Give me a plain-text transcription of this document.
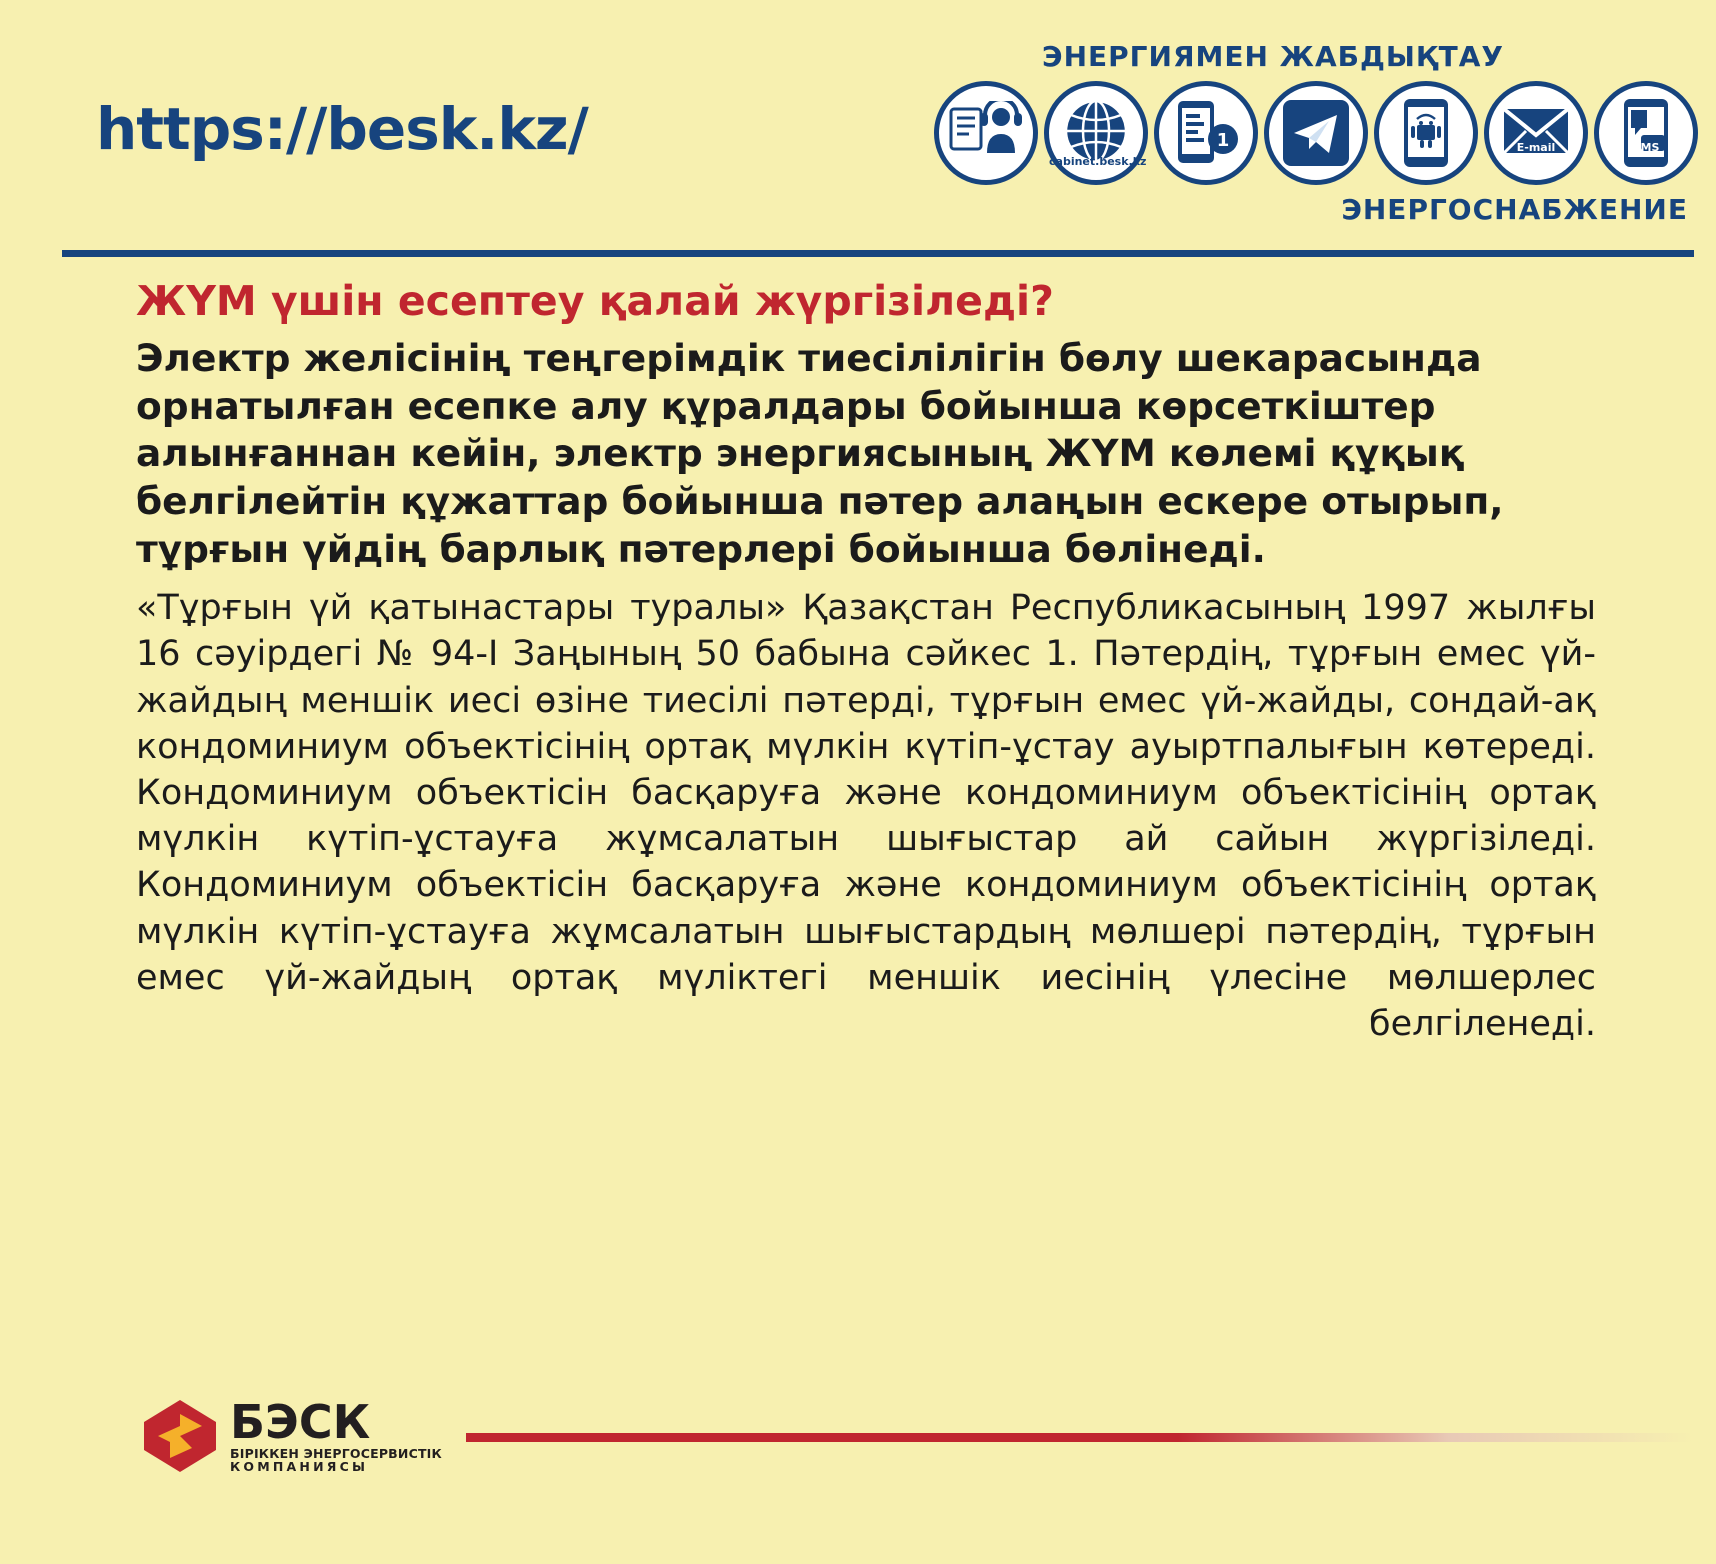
https://besk.kz/
ЭНЕРГИЯМЕН ЖАБДЫҚТАУ
cabinet.besk.kz
1	E-mail	SMS
ЭНЕРГОСНАБЖЕНИЕ
ЖҮМ үшін есептеу қалай жүргізіледі?

Электр желісінің теңгерімдік тиесілілігін бөлу шекарасында орнатылған есепке алу құралдары бойынша көрсеткіштер алынғаннан кейін, электр энергиясының ЖҮМ көлемі құқық белгілейтін құжаттар бойынша пәтер алаңын ескере отырып, тұрғын үйдің барлық пәтерлері бойынша бөлінеді.

«Тұрғын үй қатынастары туралы» Қазақстан Республикасының 1997 жылғы 16 сәуірдегі № 94-I Заңының 50 бабына сәйкес 1. Пәтердің, тұрғын емес үй-жайдың меншік иесі өзіне тиесілі пәтерді, тұрғын емес үй-жайды, сондай-ақ кондоминиум объектісінің ортақ мүлкін күтіп-ұстау ауыртпалығын көтереді. Кондоминиум объектісін басқаруға және кондоминиум объектісінің ортақ мүлкін күтіп-ұстауға жұмсалатын шығыстар ай сайын жүргізіледі. Кондоминиум объектісін басқаруға және кондоминиум объектісінің ортақ мүлкін күтіп-ұстауға жұмсалатын шығыстардың мөлшері пәтердің, тұрғын емес үй-жайдың ортақ мүліктегі меншік иесінің үлесіне мөлшерлес белгіленеді.

БЭСК
БІРІККЕН ЭНЕРГОСЕРВИСТІК
КОМПАНИЯСЫ
